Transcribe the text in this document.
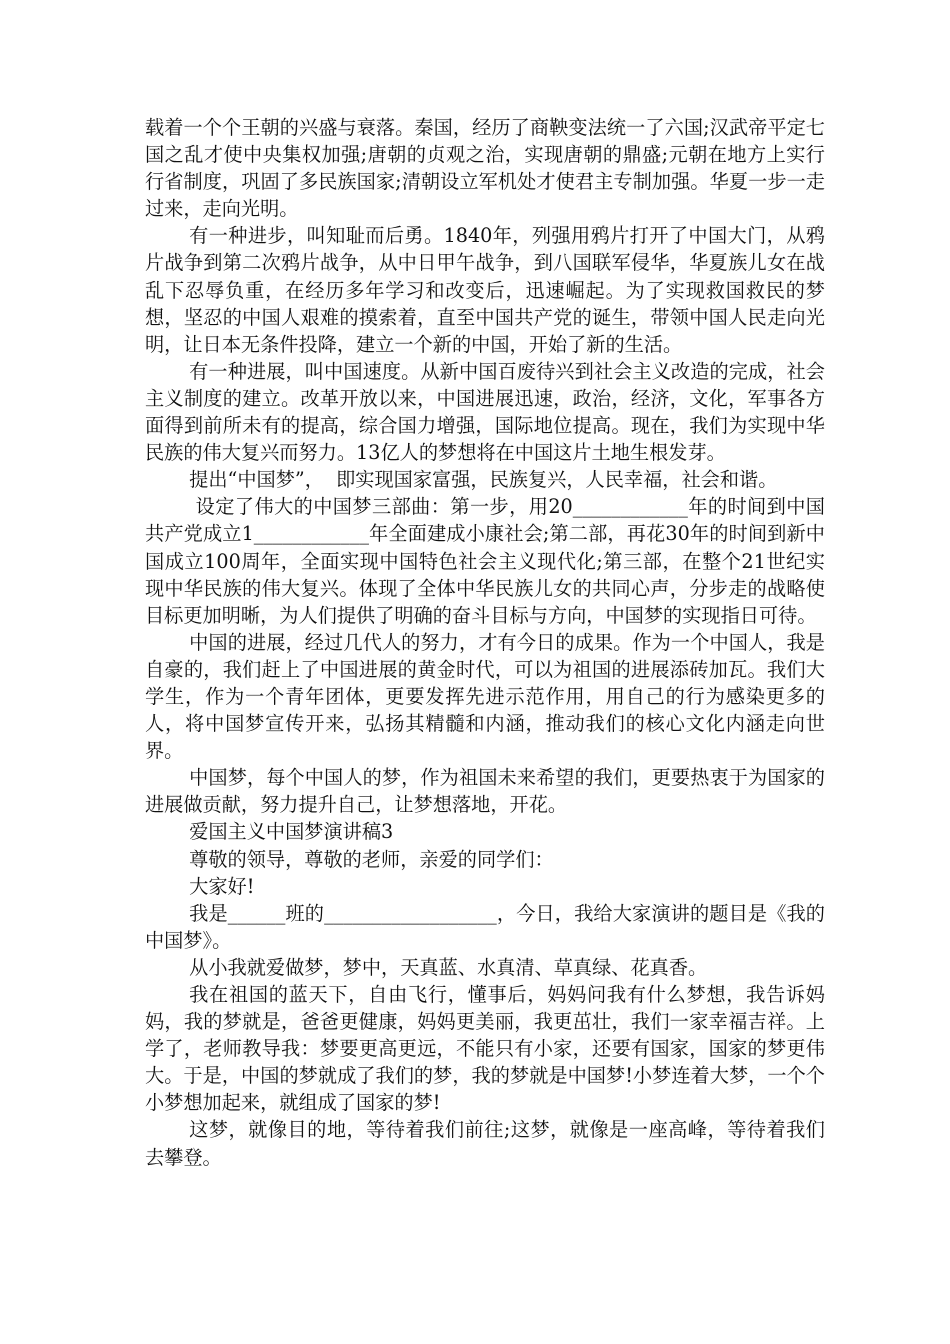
载着一个个王朝的兴盛与衰落。秦国，经历了商鞅变法统一了六国;汉武帝平定七国之乱才使中央集权加强;唐朝的贞观之治，实现唐朝的鼎盛;元朝在地方上实行行省制度，巩固了多民族国家;清朝设立军机处才使君主专制加强。华夏一步一走过来，走向光明。

有一种进步，叫知耻而后勇。1840年，列强用鸦片打开了中国大门，从鸦片战争到第二次鸦片战争，从中日甲午战争，到八国联军侵华，华夏族儿女在战乱下忍辱负重，在经历多年学习和改变后，迅速崛起。为了实现救国救民的梦想，坚忍的中国人艰难的摸索着，直至中国共产党的诞生，带领中国人民走向光明，让日本无条件投降，建立一个新的中国，开始了新的生活。

有一种进展，叫中国速度。从新中国百废待兴到社会主义改造的完成，社会主义制度的建立。改革开放以来，中国进展迅速，政治，经济，文化，军事各方面得到前所未有的提高，综合国力增强，国际地位提高。现在，我们为实现中华民族的伟大复兴而努力。13亿人的梦想将在中国这片土地生根发芽。

提出“中国梦”，  即实现国家富强，民族复兴，人民幸福，社会和谐。

设定了伟大的中国梦三部曲：第一步，用20____________年的时间到中国共产党成立1____________年全面建成小康社会;第二部，再花30年的时间到新中国成立100周年，全面实现中国特色社会主义现代化;第三部，在整个21世纪实现中华民族的伟大复兴。体现了全体中华民族儿女的共同心声，分步走的战略使目标更加明晰，为人们提供了明确的奋斗目标与方向，中国梦的实现指日可待。

中国的进展，经过几代人的努力，才有今日的成果。作为一个中国人，我是自豪的，我们赶上了中国进展的黄金时代，可以为祖国的进展添砖加瓦。我们大学生，作为一个青年团体，更要发挥先进示范作用，用自己的行为感染更多的人，将中国梦宣传开来，弘扬其精髓和内涵，推动我们的核心文化内涵走向世界。

中国梦，每个中国人的梦，作为祖国未来希望的我们，更要热衷于为国家的进展做贡献，努力提升自己，让梦想落地，开花。

爱国主义中国梦演讲稿3

尊敬的领导，尊敬的老师，亲爱的同学们：

大家好!

我是______班的__________________，今日，我给大家演讲的题目是《我的中国梦》。

从小我就爱做梦，梦中，天真蓝、水真清、草真绿、花真香。

我在祖国的蓝天下，自由飞行，懂事后，妈妈问我有什么梦想，我告诉妈妈，我的梦就是，爸爸更健康，妈妈更美丽，我更茁壮，我们一家幸福吉祥。上学了，老师教导我：梦要更高更远，不能只有小家，还要有国家，国家的梦更伟大。于是，中国的梦就成了我们的梦，我的梦就是中国梦!小梦连着大梦，一个个小梦想加起来，就组成了国家的梦!

这梦，就像目的地，等待着我们前往;这梦，就像是一座高峰，等待着我们去攀登。
